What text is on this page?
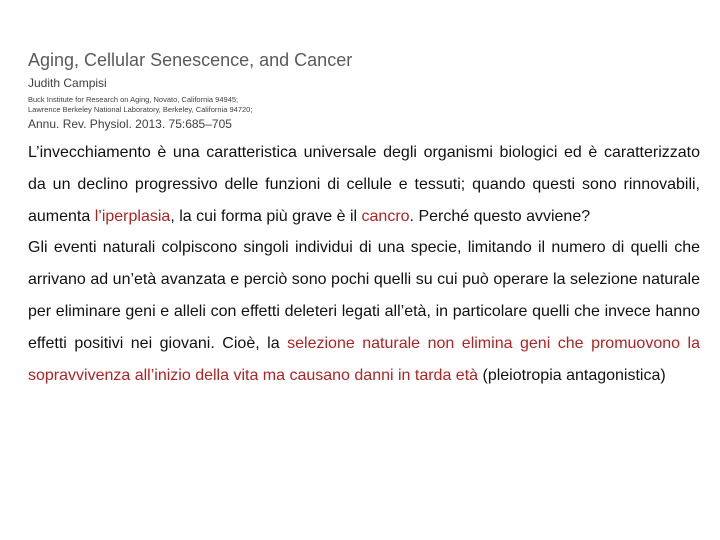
Aging, Cellular Senescence, and Cancer
Judith Campisi
Buck Institute for Research on Aging, Novato, California 94945;
Lawrence Berkeley National Laboratory, Berkeley, California 94720;
Annu. Rev. Physiol. 2013. 75:685–705

L’invecchiamento è una caratteristica universale degli organismi biologici ed è caratterizzato da un declino progressivo delle funzioni di cellule e tessuti; quando questi sono rinnovabili, aumenta l’iperplasia, la cui forma più grave è il cancro. Perché questo avviene?

Gli eventi naturali colpiscono singoli individui di una specie, limitando il numero di quelli che arrivano ad un’età avanzata e perciò sono pochi quelli su cui può operare la selezione naturale per eliminare geni e alleli con effetti deleteri legati all’età, in particolare quelli che invece hanno effetti positivi nei giovani. Cioè, la selezione naturale non elimina geni che promuovono la sopravvivenza all’inizio della vita ma causano danni in tarda età (pleiotropia antagonistica)
